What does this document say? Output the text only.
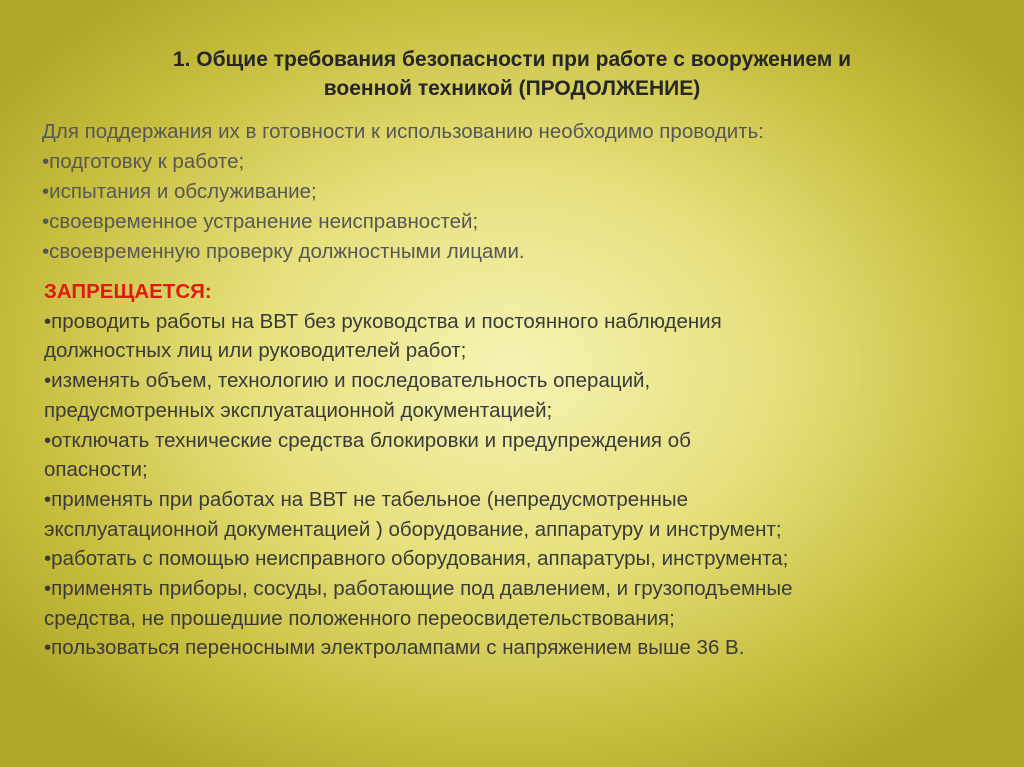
1. Общие требования безопасности при работе с вооружением и
военной техникой (ПРОДОЛЖЕНИЕ)
Для поддержания их в готовности к использованию необходимо проводить:
•подготовку к работе;
•испытания и обслуживание;
•своевременное устранение неисправностей;
•своевременную проверку должностными лицами.
ЗАПРЕЩАЕТСЯ:
•проводить работы на ВВТ без руководства и постоянного наблюдения
должностных лиц или руководителей работ;
•изменять объем, технологию и последовательность операций,
предусмотренных эксплуатационной документацией;
•отключать технические средства блокировки и предупреждения об
опасности;
•применять при работах на ВВТ не табельное (непредусмотренные
эксплуатационной документацией ) оборудование, аппаратуру и инструмент;
•работать с помощью неисправного оборудования, аппаратуры, инструмента;
•применять приборы, сосуды, работающие под давлением, и грузоподъемные
средства, не прошедшие положенного переосвидетельствования;
•пользоваться переносными электролампами с напряжением выше 36 В.
